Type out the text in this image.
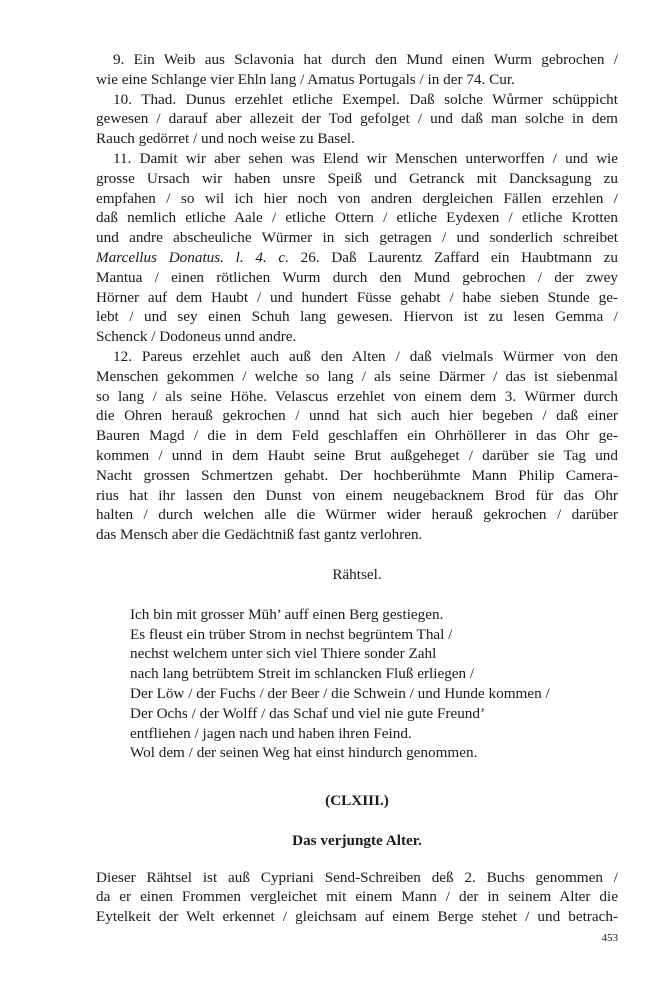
9. Ein Weib aus Sclavonia hat durch den Mund einen Wurm gebrochen /
wie eine Schlange vier Ehln lang / Amatus Portugals / in der 74. Cur.

10. Thad. Dunus erzehlet etliche Exempel. Daß solche Wůrmer schüppicht
gewesen / darauf aber allezeit der Tod gefolget / und daß man solche in dem
Rauch gedörret / und noch weise zu Basel.

11. Damit wir aber sehen was Elend wir Menschen unterworffen / und wie
grosse Ursach wir haben unsre Speiß und Getranck mit Dancksagung zu
empfahen / so wil ich hier noch von andren dergleichen Fällen erzehlen /
daß nemlich etliche Aale / etliche Ottern / etliche Eydexen / etliche Krotten
und andre abscheuliche Würmer in sich getragen / und sonderlich schreibet
Marcellus Donatus. l. 4. c. 26. Daß Laurentz Zaffard ein Haubtmann zu
Mantua / einen rötlichen Wurm durch den Mund gebrochen / der zwey
Hörner auf dem Haubt / und hundert Füsse gehabt / habe sieben Stunde ge-
lebt / und sey einen Schuh lang gewesen. Hiervon ist zu lesen Gemma /
Schenck / Dodoneus unnd andre.

12. Pareus erzehlet auch auß den Alten / daß vielmals Würmer von den
Menschen gekommen / welche so lang / als seine Därmer / das ist siebenmal
so lang / als seine Höhe. Velascus erzehlet von einem dem 3. Würmer durch
die Ohren herauß gekrochen / unnd hat sich auch hier begeben / daß einer
Bauren Magd / die in dem Feld geschlaffen ein Ohrhöllerer in das Ohr ge-
kommen / unnd in dem Haubt seine Brut außgeheget / darüber sie Tag und
Nacht grossen Schmertzen gehabt. Der hochberühmte Mann Philip Camera-
rius hat ihr lassen den Dunst von einem neugebacknem Brod für das Ohr
halten / durch welchen alle die Würmer wider herauß gekrochen / darüber
das Mensch aber die Gedächtniß fast gantz verlohren.

Rähtsel.

Ich bin mit grosser Müh’ auff einen Berg gestiegen.
Es fleust ein trüber Strom in nechst begrüntem Thal /
nechst welchem unter sich viel Thiere sonder Zahl
nach lang betrübtem Streit im schlancken Fluß erliegen /
Der Löw / der Fuchs / der Beer / die Schwein / und Hunde kommen /
Der Ochs / der Wolff / das Schaf und viel nie gute Freund’
entfliehen / jagen nach und haben ihren Feind.
Wol dem / der seinen Weg hat einst hindurch genommen.

(CLXIII.)

Das verjungte Alter.

Dieser Rähtsel ist auß Cypriani Send-Schreiben deß 2. Buchs genommen /
da er einen Frommen vergleichet mit einem Mann / der in seinem Alter die
Eytelkeit der Welt erkennet / gleichsam auf einem Berge stehet / und betrach-

453
